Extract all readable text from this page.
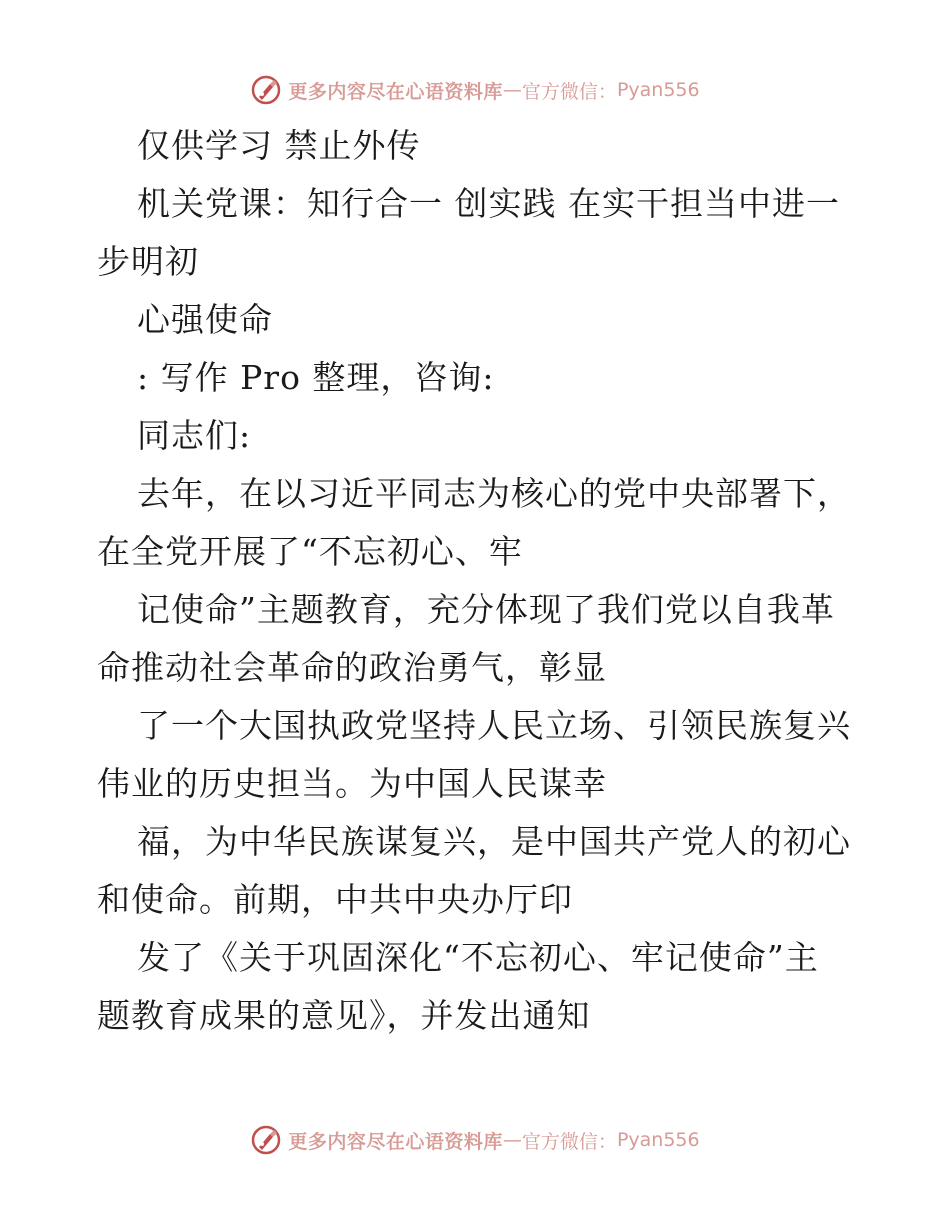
更多内容尽在心语资料库 — 官方微信： Pyan556
仅供学习 禁止外传
机关党课：知行合一 创实践 在实干担当中进一
步明初
心强使命
: 写作 Pro 整理，咨询:
同志们:
去年，在以习近平同志为核心的党中央部署下，
在全党开展了“不忘初心、牢
记使命”主题教育，充分体现了我们党以自我革
命推动社会革命的政治勇气，彰显
了一个大国执政党坚持人民立场、引领民族复兴
伟业的历史担当。为中国人民谋幸
福，为中华民族谋复兴，是中国共产党人的初心
和使命。前期，中共中央办厅印
发了《关于巩固深化“不忘初心、牢记使命”主
题教育成果的意见》，并发出通知
更多内容尽在心语资料库 — 官方微信： Pyan556
